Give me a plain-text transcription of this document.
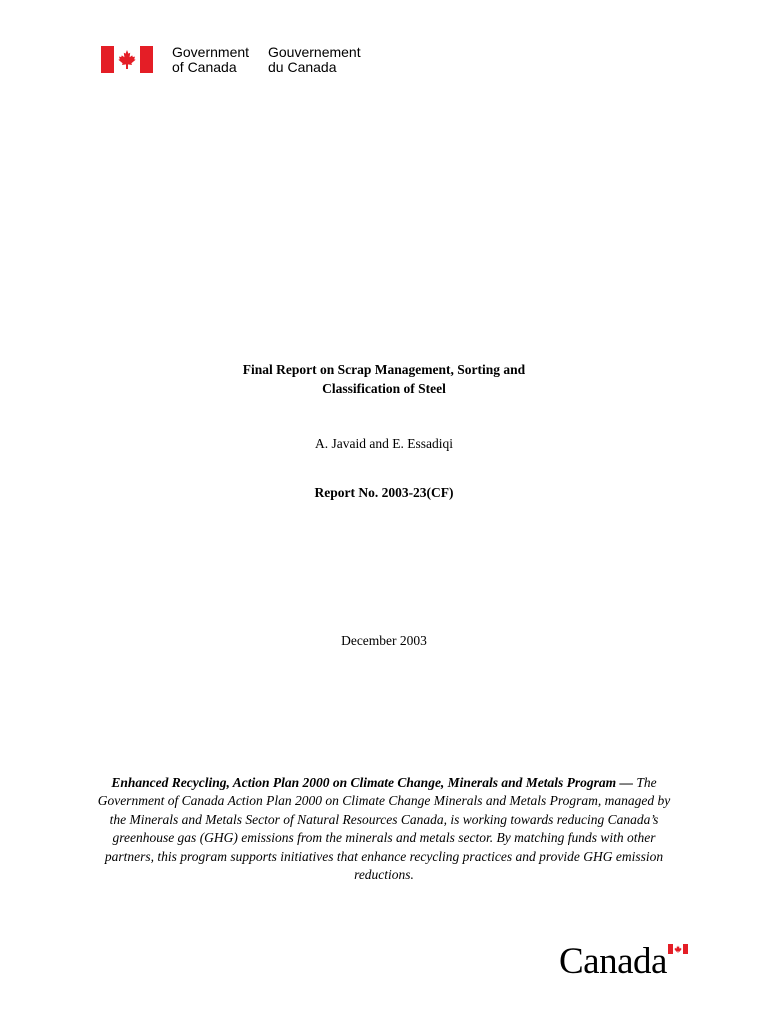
Government
of Canada
Gouvernement
du Canada
Final Report on Scrap Management, Sorting and
Classification of Steel
A. Javaid and E. Essadiqi
Report No. 2003-23(CF)
December 2003
Enhanced Recycling, Action Plan 2000 on Climate Change, Minerals and Metals Program — The Government of Canada Action Plan 2000 on Climate Change Minerals and Metals Program, managed by the Minerals and Metals Sector of Natural Resources Canada, is working towards reducing Canada’s greenhouse gas (GHG) emissions from the minerals and metals sector. By matching funds with other partners, this program supports initiatives that enhance recycling practices and provide GHG emission reductions.
Canada
